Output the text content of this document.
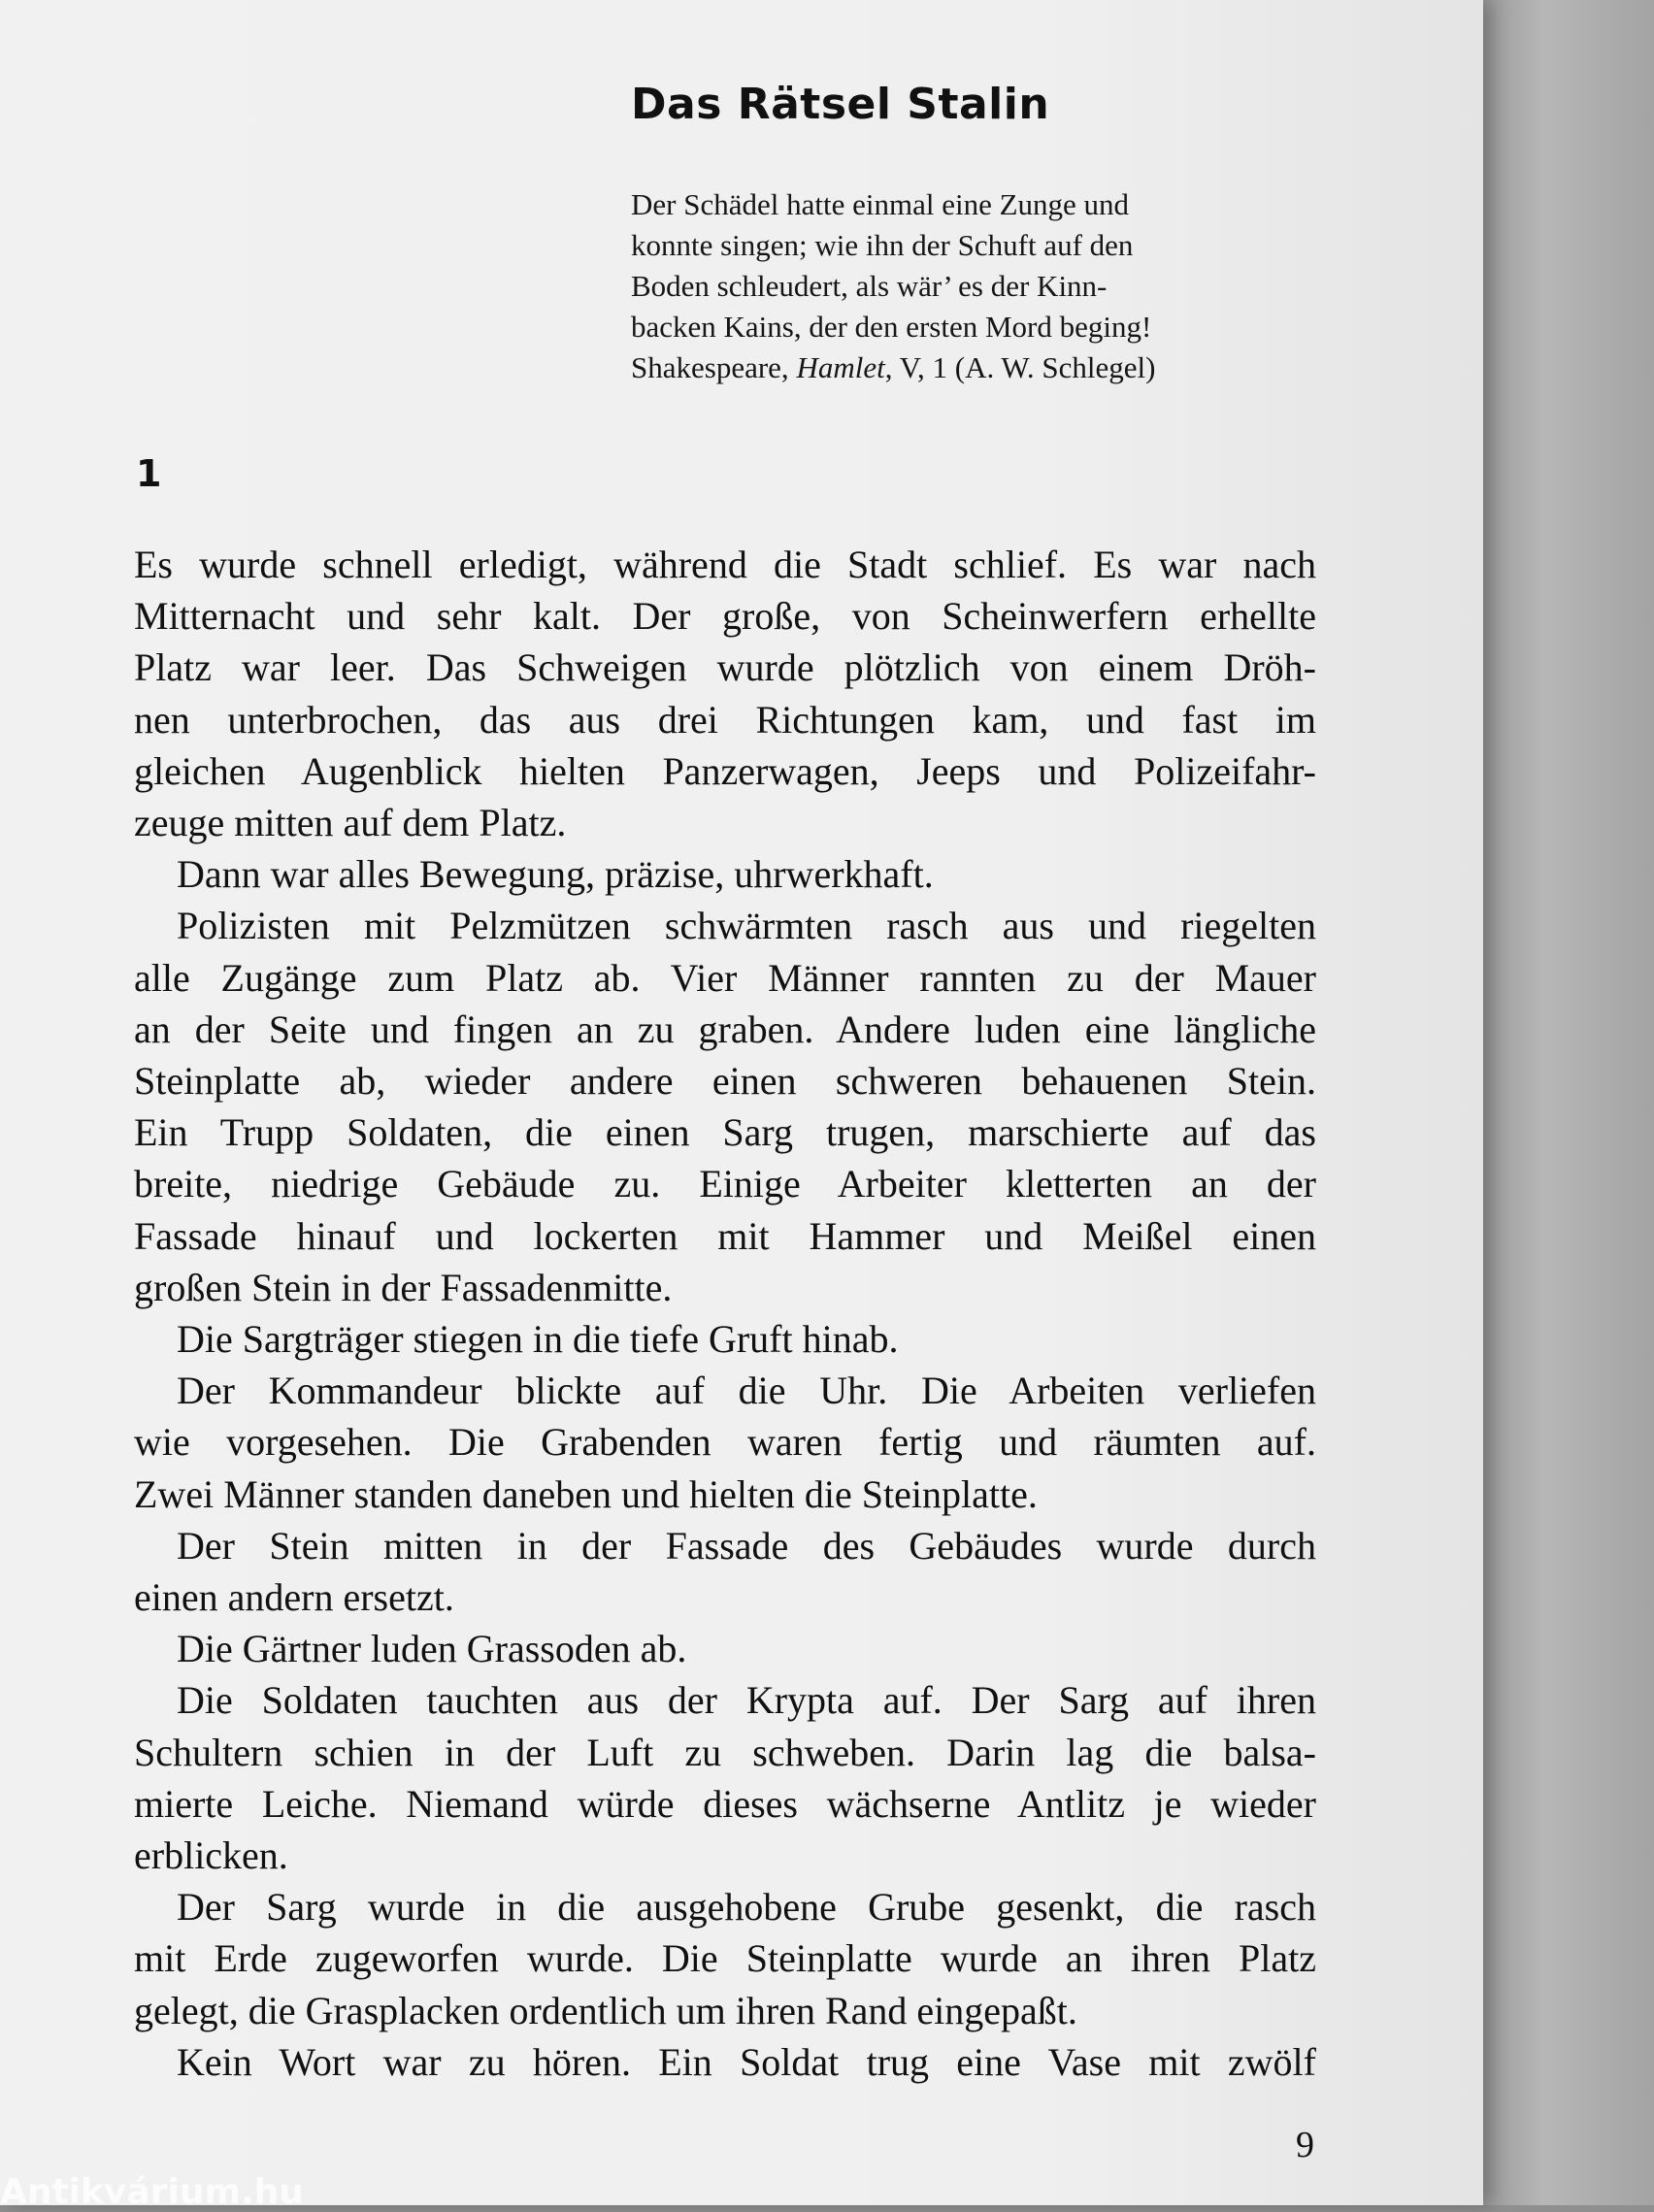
Das Rätsel Stalin
Der Schädel hatte einmal eine Zunge und
konnte singen; wie ihn der Schuft auf den
Boden schleudert, als wär’ es der Kinn-
backen Kains, der den ersten Mord beging!
Shakespeare, Hamlet, V, 1 (A. W. Schlegel)
1
Es wurde schnell erledigt, während die Stadt schlief. Es war nach
Mitternacht und sehr kalt. Der große, von Scheinwerfern erhellte
Platz war leer. Das Schweigen wurde plötzlich von einem Dröh-
nen unterbrochen, das aus drei Richtungen kam, und fast im
gleichen Augenblick hielten Panzerwagen, Jeeps und Polizeifahr-
zeuge mitten auf dem Platz.
Dann war alles Bewegung, präzise, uhrwerkhaft.
Polizisten mit Pelzmützen schwärmten rasch aus und riegelten
alle Zugänge zum Platz ab. Vier Männer rannten zu der Mauer
an der Seite und fingen an zu graben. Andere luden eine längliche
Steinplatte ab, wieder andere einen schweren behauenen Stein.
Ein Trupp Soldaten, die einen Sarg trugen, marschierte auf das
breite, niedrige Gebäude zu. Einige Arbeiter kletterten an der
Fassade hinauf und lockerten mit Hammer und Meißel einen
großen Stein in der Fassadenmitte.
Die Sargträger stiegen in die tiefe Gruft hinab.
Der Kommandeur blickte auf die Uhr. Die Arbeiten verliefen
wie vorgesehen. Die Grabenden waren fertig und räumten auf.
Zwei Männer standen daneben und hielten die Steinplatte.
Der Stein mitten in der Fassade des Gebäudes wurde durch
einen andern ersetzt.
Die Gärtner luden Grassoden ab.
Die Soldaten tauchten aus der Krypta auf. Der Sarg auf ihren
Schultern schien in der Luft zu schweben. Darin lag die balsa-
mierte Leiche. Niemand würde dieses wächserne Antlitz je wieder
erblicken.
Der Sarg wurde in die ausgehobene Grube gesenkt, die rasch
mit Erde zugeworfen wurde. Die Steinplatte wurde an ihren Platz
gelegt, die Grasplacken ordentlich um ihren Rand eingepaßt.
Kein Wort war zu hören. Ein Soldat trug eine Vase mit zwölf
9
Antikvárium.hu
